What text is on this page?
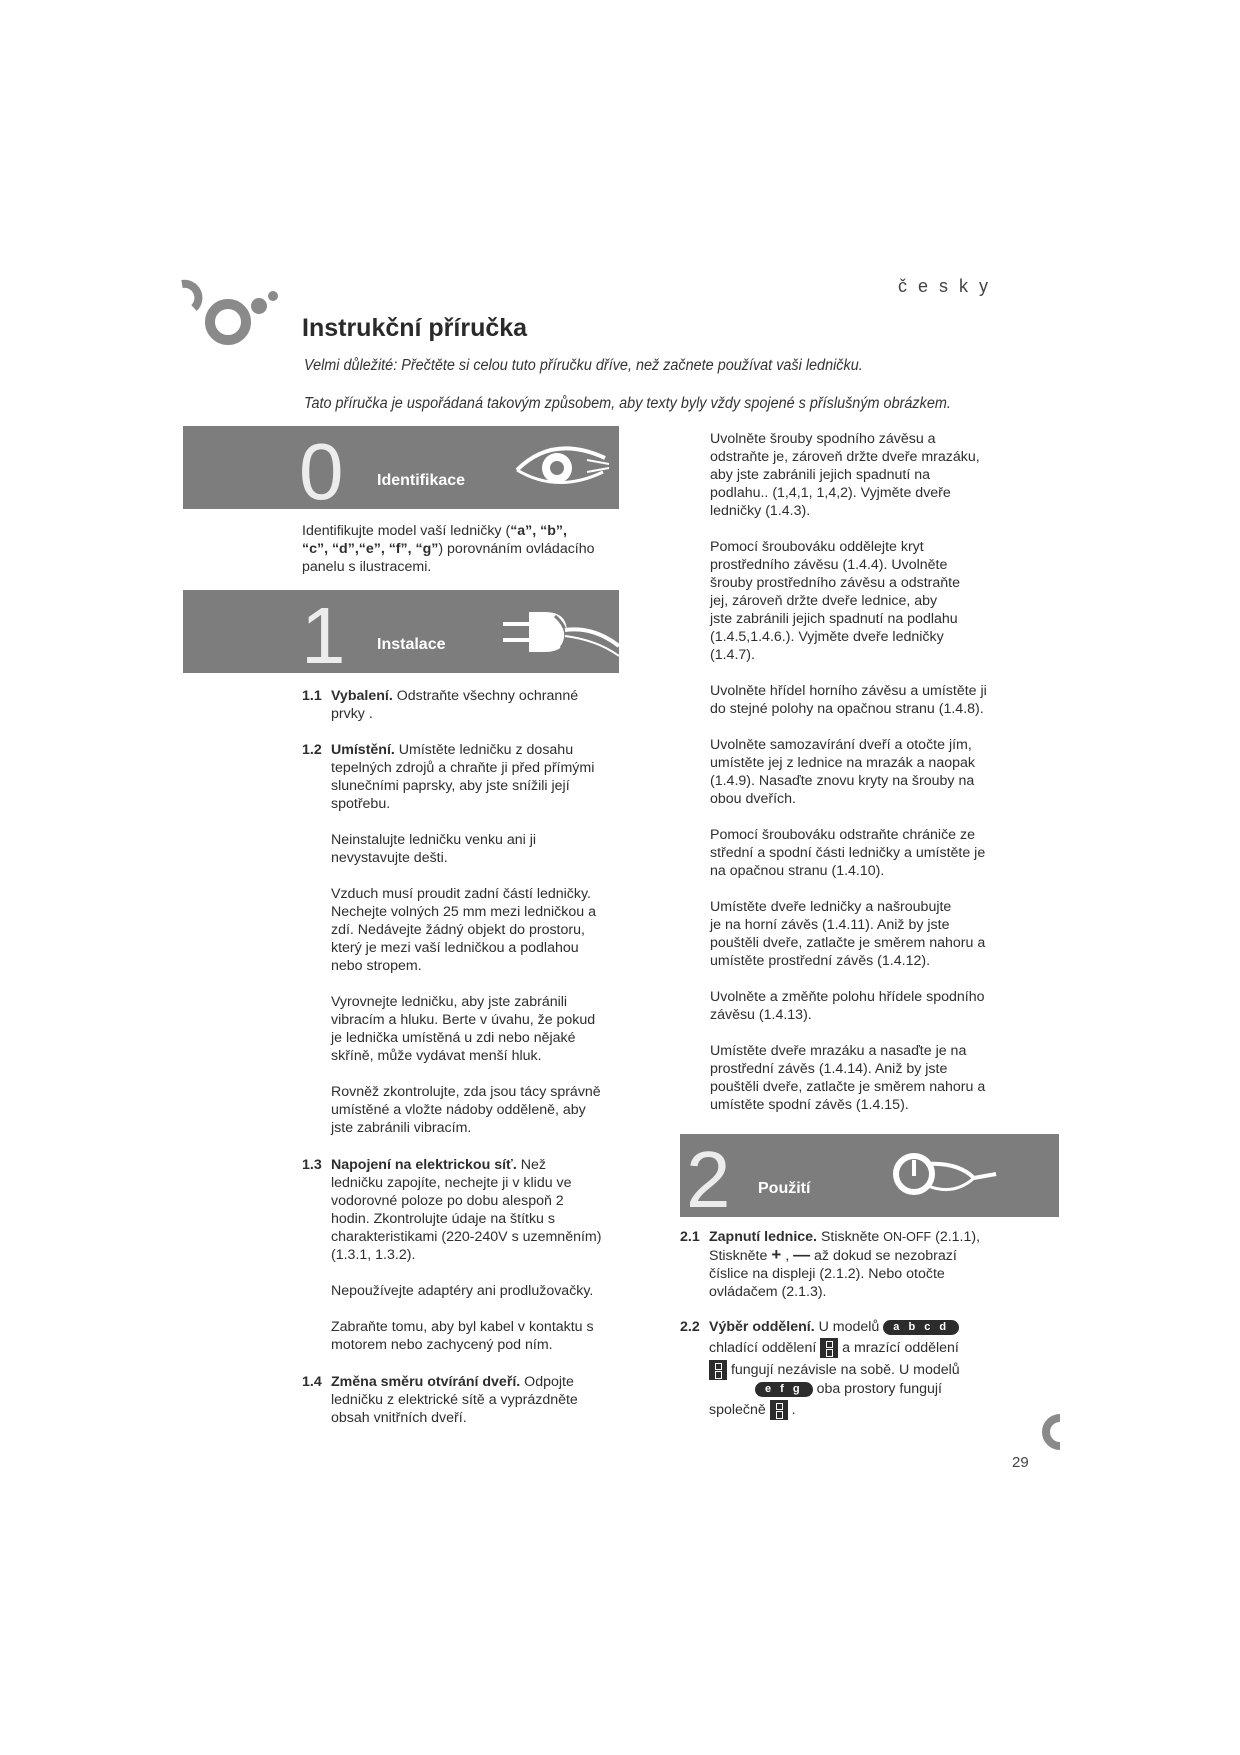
česky
Instrukční příručka
Velmi důležité: Přečtěte si celou tuto příručku dříve, než začnete používat vaši ledničku.
Tato příručka je uspořádaná takovým způsobem, aby texty byly vždy spojené s příslušným obrázkem.
0 Identifikace

Identifikujte model vaší ledničky (“a”, “b”,

“c”, “d”,“e”, “f”, “g”) porovnáním ovládacího

panelu s ilustracemi.

1 Instalace
1.1 Vybalení. Odstraňte všechny ochranné

prvky .

1.2 Umístění. Umístěte ledničku z dosahu

tepelných zdrojů a chraňte ji před přímými

slunečními paprsky, aby jste snížili její

spotřebu.

Neinstalujte ledničku venku ani ji

nevystavujte dešti.

Vzduch musí proudit zadní částí ledničky.

Nechejte volných 25 mm mezi ledničkou a

zdí. Nedávejte žádný objekt do prostoru,

který je mezi vaší ledničkou a podlahou

nebo stropem.

Vyrovnejte ledničku, aby jste zabránili

vibracím a hluku. Berte v úvahu, že pokud

je lednička umístěná u zdi nebo nějaké

skříně, může vydávat menší hluk.

Rovněž zkontrolujte, zda jsou tácy správně

umístěné a vložte nádoby odděleně, aby

jste zabránili vibracím.

1.3 Napojení na elektrickou síť. Než

ledničku zapojíte, nechejte ji v klidu ve

vodorovné poloze po dobu alespoň 2

hodin. Zkontrolujte údaje na štítku s

charakteristikami (220-240V s uzemněním)

(1.3.1, 1.3.2).

Nepoužívejte adaptéry ani prodlužovačky.

Zabraňte tomu, aby byl kabel v kontaktu s

motorem nebo zachycený pod ním.

1.4 Změna směru otvírání dveří. Odpojte

ledničku z elektrické sítě a vyprázdněte

obsah vnitřních dveří.

Uvolněte šrouby spodního závěsu a

odstraňte je, zároveň držte dveře mrazáku,

aby jste zabránili jejich spadnutí na

podlahu.. (1,4,1, 1,4,2). Vyjměte dveře

ledničky (1.4.3).

Pomocí šroubováku oddělejte kryt

prostředního závěsu (1.4.4). Uvolněte

šrouby prostředního závěsu a odstraňte

jej, zároveň držte dveře lednice, aby

jste zabránili jejich spadnutí na podlahu

(1.4.5,1.4.6.). Vyjměte dveře ledničky

(1.4.7).

Uvolněte hřídel horního závěsu a umístěte ji

do stejné polohy na opačnou stranu (1.4.8).

Uvolněte samozavírání dveří a otočte jím,

umístěte jej z lednice na mrazák a naopak

(1.4.9). Nasaďte znovu kryty na šrouby na

obou dveřích.

Pomocí šroubováku odstraňte chrániče ze

střední a spodní části ledničky a umístěte je

na opačnou stranu (1.4.10).

Umístěte dveře ledničky a našroubujte

je na horní závěs (1.4.11). Aniž by jste

pouštěli dveře, zatlačte je směrem nahoru a

umístěte prostřední závěs (1.4.12).

Uvolněte a změňte polohu hřídele spodního

závěsu (1.4.13).

Umístěte dveře mrazáku a nasaďte je na

prostřední závěs (1.4.14). Aniž by jste

pouštěli dveře, zatlačte je směrem nahoru a

umístěte spodní závěs (1.4.15).

2 Použití
2.1 Zapnutí lednice. Stiskněte ON-OFF (2.1.1),

Stiskněte + , — až dokud se nezobrazí

číslice na displeji (2.1.2). Nebo otočte

ovládačem (2.1.3).

2.2 Výběr oddělení. U modelů a b c d

chladící oddělení  a mrazící oddělení

fungují nezávisle na sobě. U modelů

e f g oba prostory fungují

společně  .

29
